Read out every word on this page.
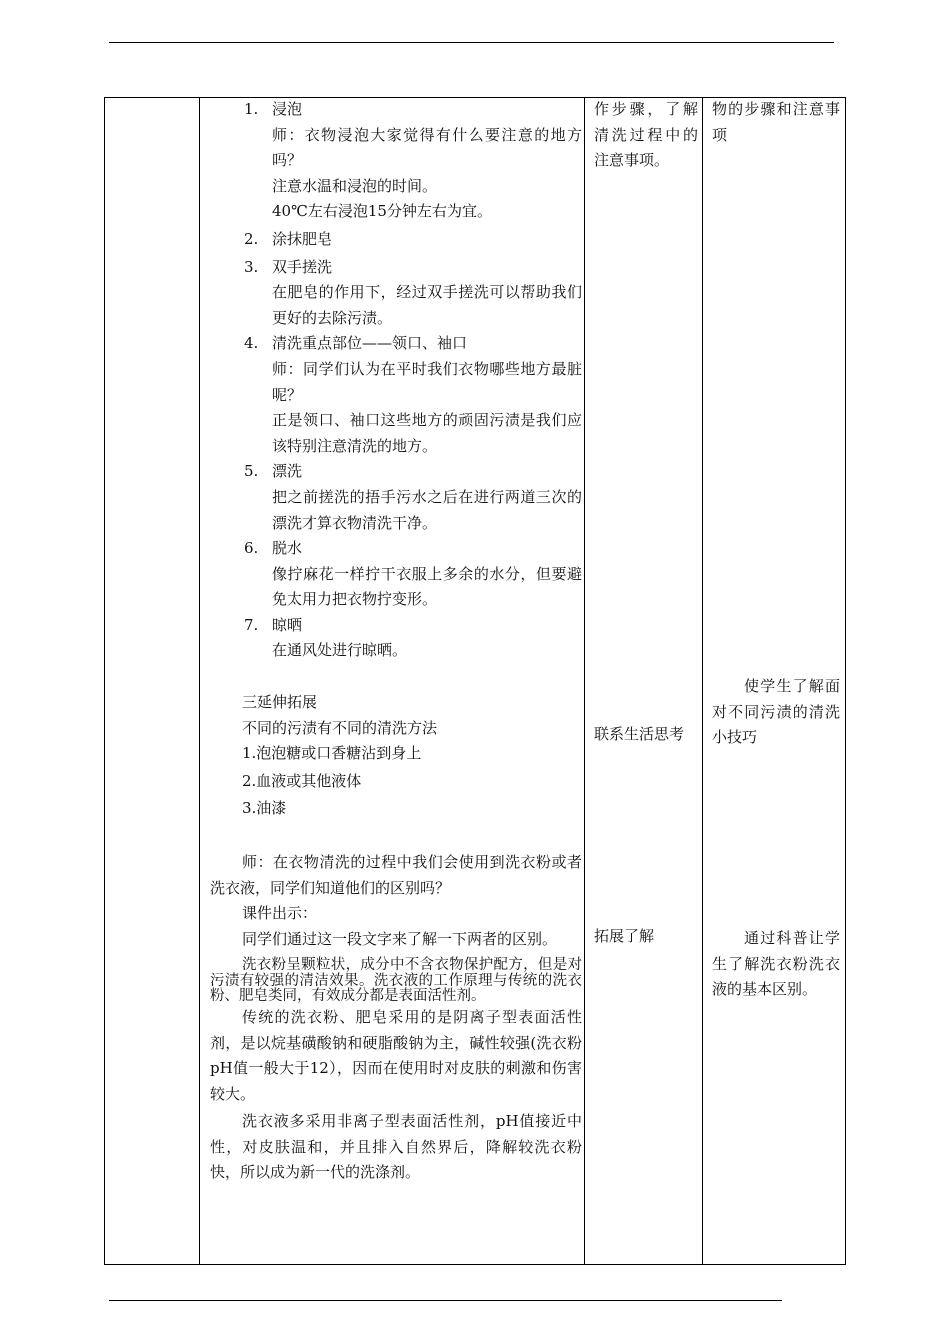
1. 浸泡
师：衣物浸泡大家觉得有什么要注意的地方吗？
注意水温和浸泡的时间。
40℃左右浸泡15分钟左右为宜。
2. 涂抹肥皂
3. 双手搓洗
在肥皂的作用下，经过双手搓洗可以帮助我们更好的去除污渍。
4. 清洗重点部位——领口、袖口
师：同学们认为在平时我们衣物哪些地方最脏呢？
正是领口、袖口这些地方的顽固污渍是我们应该特别注意清洗的地方。
5. 漂洗
把之前搓洗的捂手污水之后在进行两道三次的漂洗才算衣物清洗干净。
6. 脱水
像拧麻花一样拧干衣服上多余的水分，但要避免太用力把衣物拧变形。
7. 晾晒
在通风处进行晾晒。
三延伸拓展
不同的污渍有不同的清洗方法
1.泡泡糖或口香糖沾到身上
2.血液或其他液体
3.油漆
师：在衣物清洗的过程中我们会使用到洗衣粉或者洗衣液，同学们知道他们的区别吗？
课件出示：
同学们通过这一段文字来了解一下两者的区别。
洗衣粉呈颗粒状，成分中不含衣物保护配方，但是对污渍有较强的清洁效果。洗衣液的工作原理与传统的洗衣粉、肥皂类同，有效成分都是表面活性剂。
传统的洗衣粉、肥皂采用的是阴离子型表面活性剂，是以烷基磺酸钠和硬脂酸钠为主，碱性较强(洗衣粉pH值一般大于12），因而在使用时对皮肤的刺激和伤害较大。
洗衣液多采用非离子型表面活性剂，pH值接近中性，对皮肤温和，并且排入自然界后，降解较洗衣粉快，所以成为新一代的洗涤剂。
作步骤，了解清洗过程中的注意事项。
联系生活思考
拓展了解
物的步骤和注意事项
使学生了解面对不同污渍的清洗小技巧
通过科普让学生了解洗衣粉洗衣液的基本区别。
